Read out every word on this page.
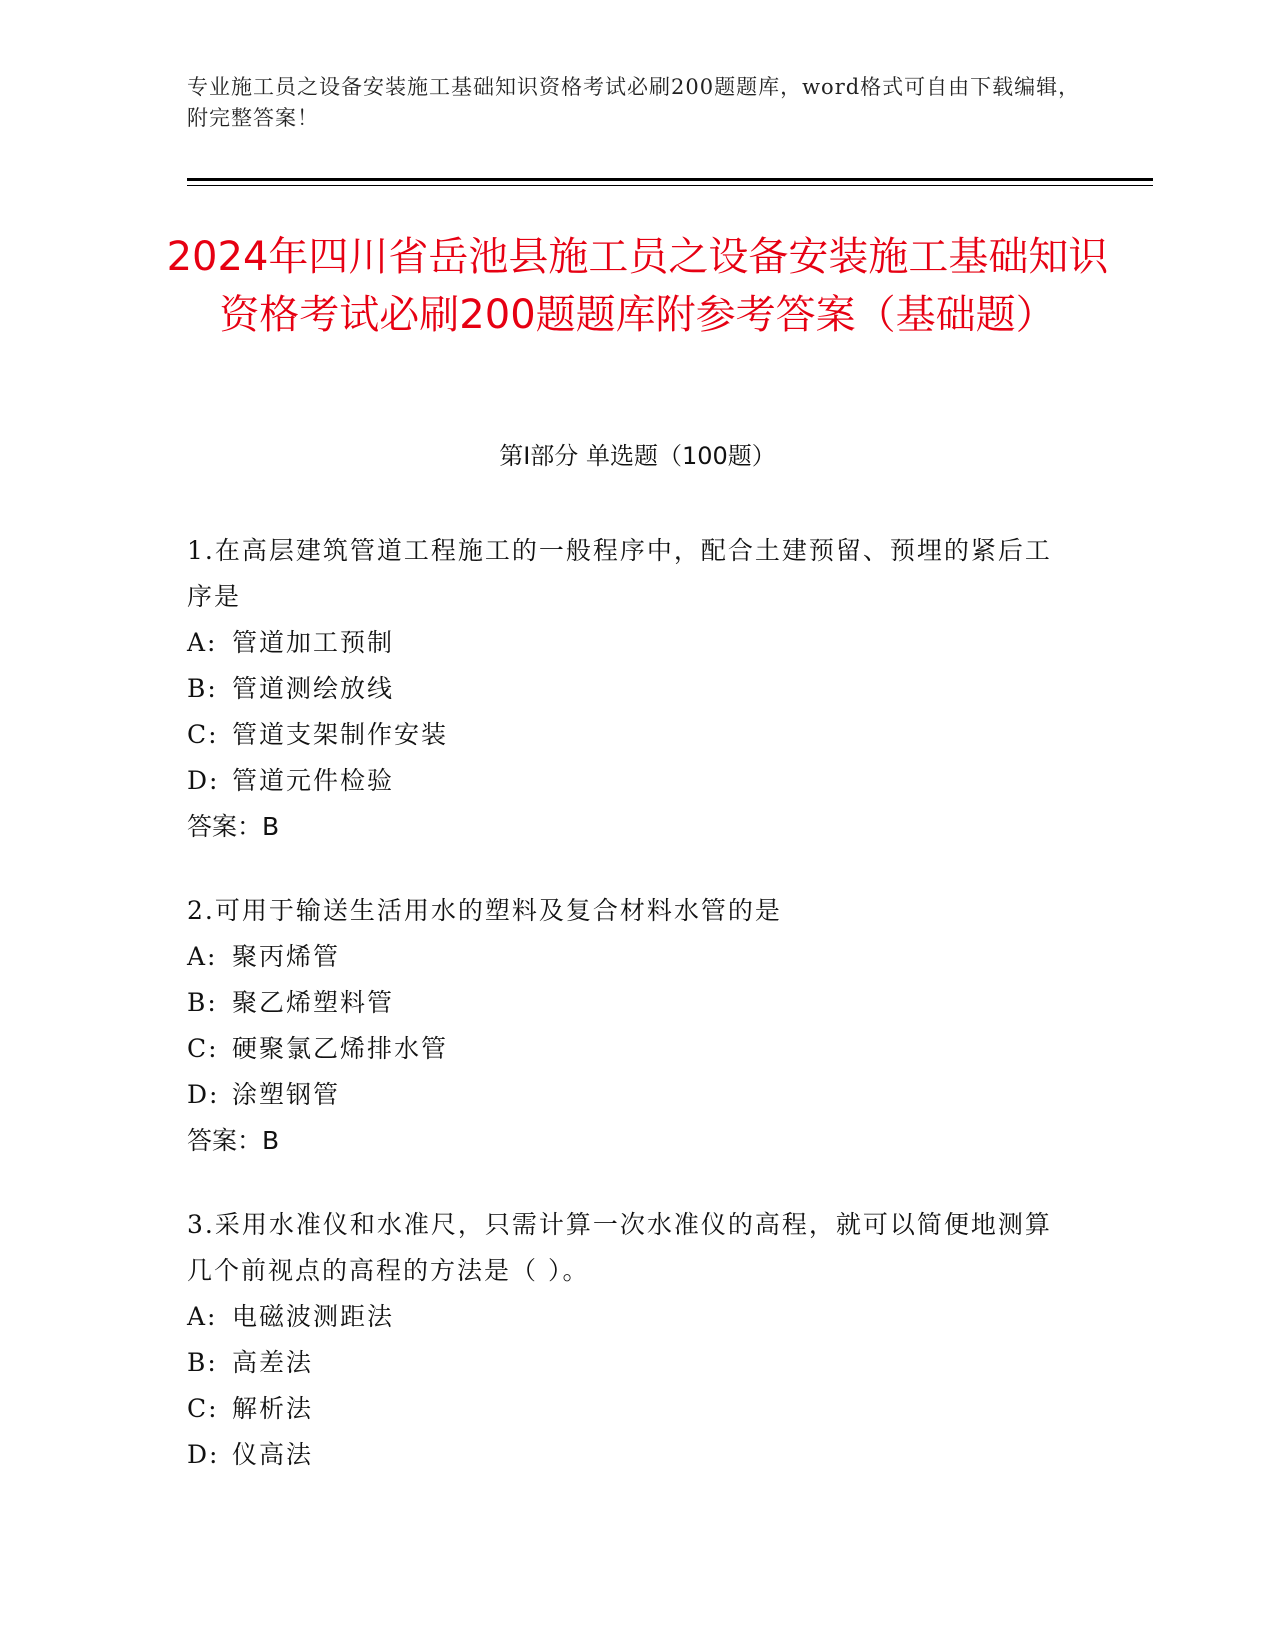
专业施工员之设备安装施工基础知识资格考试必刷200题题库，word格式可自由下载编辑，附完整答案！
2024年四川省岳池县施工员之设备安装施工基础知识资格考试必刷200题题库附参考答案（基础题）
第Ⅰ部分 单选题（100题）

1.在高层建筑管道工程施工的一般程序中，配合土建预留、预埋的紧后工序是

A: 管道加工预制

B: 管道测绘放线

C: 管道支架制作安装

D: 管道元件检验

答案：B

2.可用于输送生活用水的塑料及复合材料水管的是

A: 聚丙烯管

B: 聚乙烯塑料管

C: 硬聚氯乙烯排水管

D: 涂塑钢管

答案：B

3.采用水准仪和水准尺，只需计算一次水准仪的高程，就可以简便地测算几个前视点的高程的方法是（ ）。

A: 电磁波测距法

B: 高差法

C: 解析法

D: 仪高法
